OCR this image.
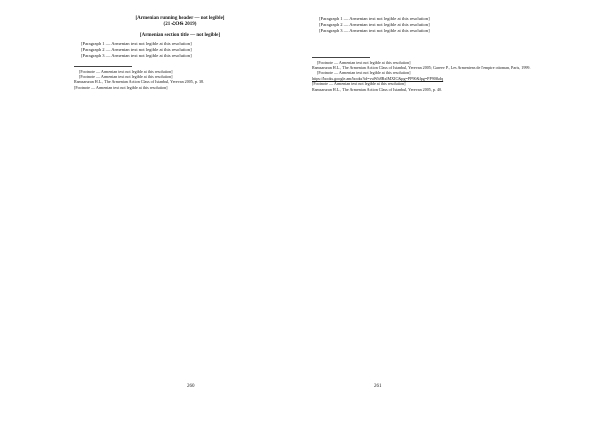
[Armenian running header — not legible]
(21 ՀՕՏ 2019)
[Armenian section title — not legible]

[Paragraph 1 — Armenian text not legible at this resolution]

[Paragraph 2 — Armenian text not legible at this resolution]

[Paragraph 3 — Armenian text not legible at this resolution]

[Footnote — Armenian text not legible at this resolution]

[Footnote — Armenian text not legible at this resolution]

Ramsaruran H.L., The Armenian Action Class of Istanbul, Yerevan 2005, p. 38.

[Footnote — Armenian text not legible at this resolution]

260

[Paragraph 1 — Armenian text not legible at this resolution]

[Paragraph 2 — Armenian text not legible at this resolution]

[Paragraph 3 — Armenian text not legible at this resolution]

[Footnote — Armenian text not legible at this resolution]

Ramsaruran H.L., The Armenian Action Class of Istanbul, Yerevan 2005; Gareev P., Les Armeniens de l'empire ottoman, Paris, 1999.

[Footnote — Armenian text not legible at this resolution]

https://books.google.am/books?id=vuWh8RxlMXIC&pg=PP90&lpg=PP90&dq

[Footnote — Armenian text not legible at this resolution]

Ramsaruran H.L., The Armenian Action Class of Istanbul, Yerevan 2005, p. 40.

261
